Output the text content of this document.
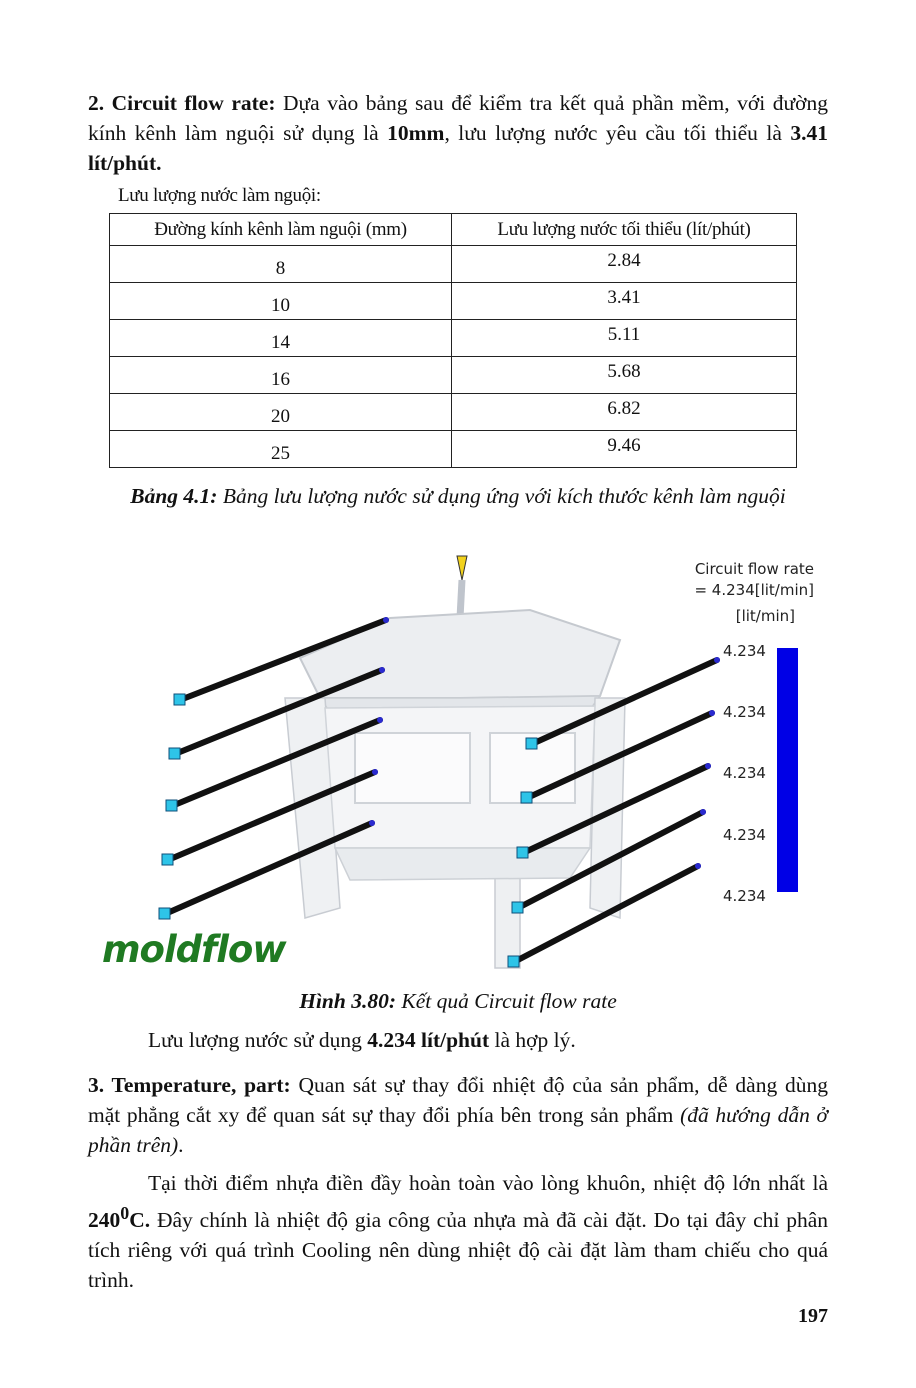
2. Circuit flow rate: Dựa vào bảng sau để kiểm tra kết quả phần mềm, với đường kính kênh làm nguội sử dụng là 10mm, lưu lượng nước yêu cầu tối thiểu là 3.41 lít/phút.

Lưu lượng nước làm nguội:
Đường kính kênh làm nguội (mm)	Lưu lượng nước tối thiểu (lít/phút)
8	2.84
10	3.41
14	5.11
16	5.68
20	6.82
25	9.46
Bảng 4.1: Bảng lưu lượng nước sử dụng ứng với kích thước kênh làm nguội
Circuit flow rate
= 4.234[lit/min]
[lit/min]
4.234
4.234
4.234
4.234
4.234
moldflow
Hình 3.80: Kết quả Circuit flow rate
Lưu lượng nước sử dụng 4.234 lít/phút là hợp lý.

3. Temperature, part: Quan sát sự thay đổi nhiệt độ của sản phẩm, dễ dàng dùng mặt phẳng cắt xy để quan sát sự thay đổi phía bên trong sản phẩm (đã hướng dẫn ở phần trên).

Tại thời điểm nhựa điền đầy hoàn toàn vào lòng khuôn, nhiệt độ lớn nhất là $240^0C$. Đây chính là nhiệt độ gia công của nhựa mà đã cài đặt. Do tại đây chỉ phân tích riêng với quá trình Cooling nên dùng nhiệt độ cài đặt làm tham chiếu cho quá trình.

197
